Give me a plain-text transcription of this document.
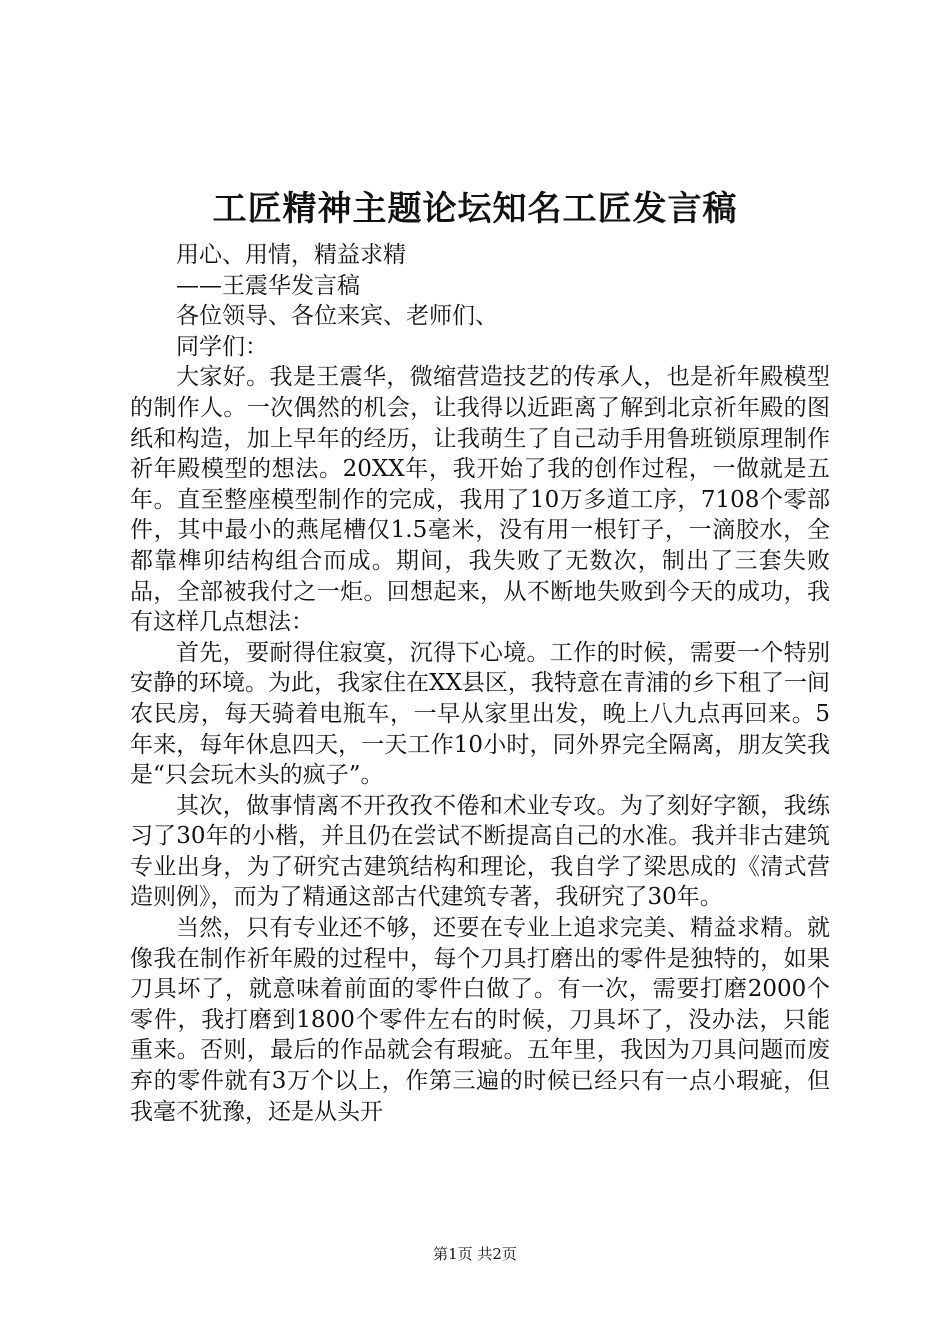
工匠精神主题论坛知名工匠发言稿

用心、用情，精益求精

——王震华发言稿

各位领导、各位来宾、老师们、

同学们：

大家好。我是王震华，微缩营造技艺的传承人，也是祈年殿模型的制作人。一次偶然的机会，让我得以近距离了解到北京祈年殿的图纸和构造，加上早年的经历，让我萌生了自己动手用鲁班锁原理制作祈年殿模型的想法。20XX年，我开始了我的创作过程，一做就是五年。直至整座模型制作的完成，我用了10万多道工序，7108个零部件，其中最小的燕尾槽仅1.5毫米，没有用一根钉子，一滴胶水，全都靠榫卯结构组合而成。期间，我失败了无数次，制出了三套失败品，全部被我付之一炬。回想起来，从不断地失败到今天的成功，我有这样几点想法：

首先，要耐得住寂寞，沉得下心境。工作的时候，需要一个特别安静的环境。为此，我家住在XX县区，我特意在青浦的乡下租了一间农民房，每天骑着电瓶车，一早从家里出发，晚上八九点再回来。5年来，每年休息四天，一天工作10小时，同外界完全隔离，朋友笑我是“只会玩木头的疯子”。

其次，做事情离不开孜孜不倦和术业专攻。为了刻好字额，我练习了30年的小楷，并且仍在尝试不断提高自己的水准。我并非古建筑专业出身，为了研究古建筑结构和理论，我自学了梁思成的《清式营造则例》，而为了精通这部古代建筑专著，我研究了30年。

当然，只有专业还不够，还要在专业上追求完美、精益求精。就像我在制作祈年殿的过程中，每个刀具打磨出的零件是独特的，如果刀具坏了，就意味着前面的零件白做了。有一次，需要打磨2000个零件，我打磨到1800个零件左右的时候，刀具坏了，没办法，只能重来。否则，最后的作品就会有瑕疵。五年里，我因为刀具问题而废弃的零件就有3万个以上，作第三遍的时候已经只有一点小瑕疵，但我毫不犹豫，还是从头开

第1页 共2页
